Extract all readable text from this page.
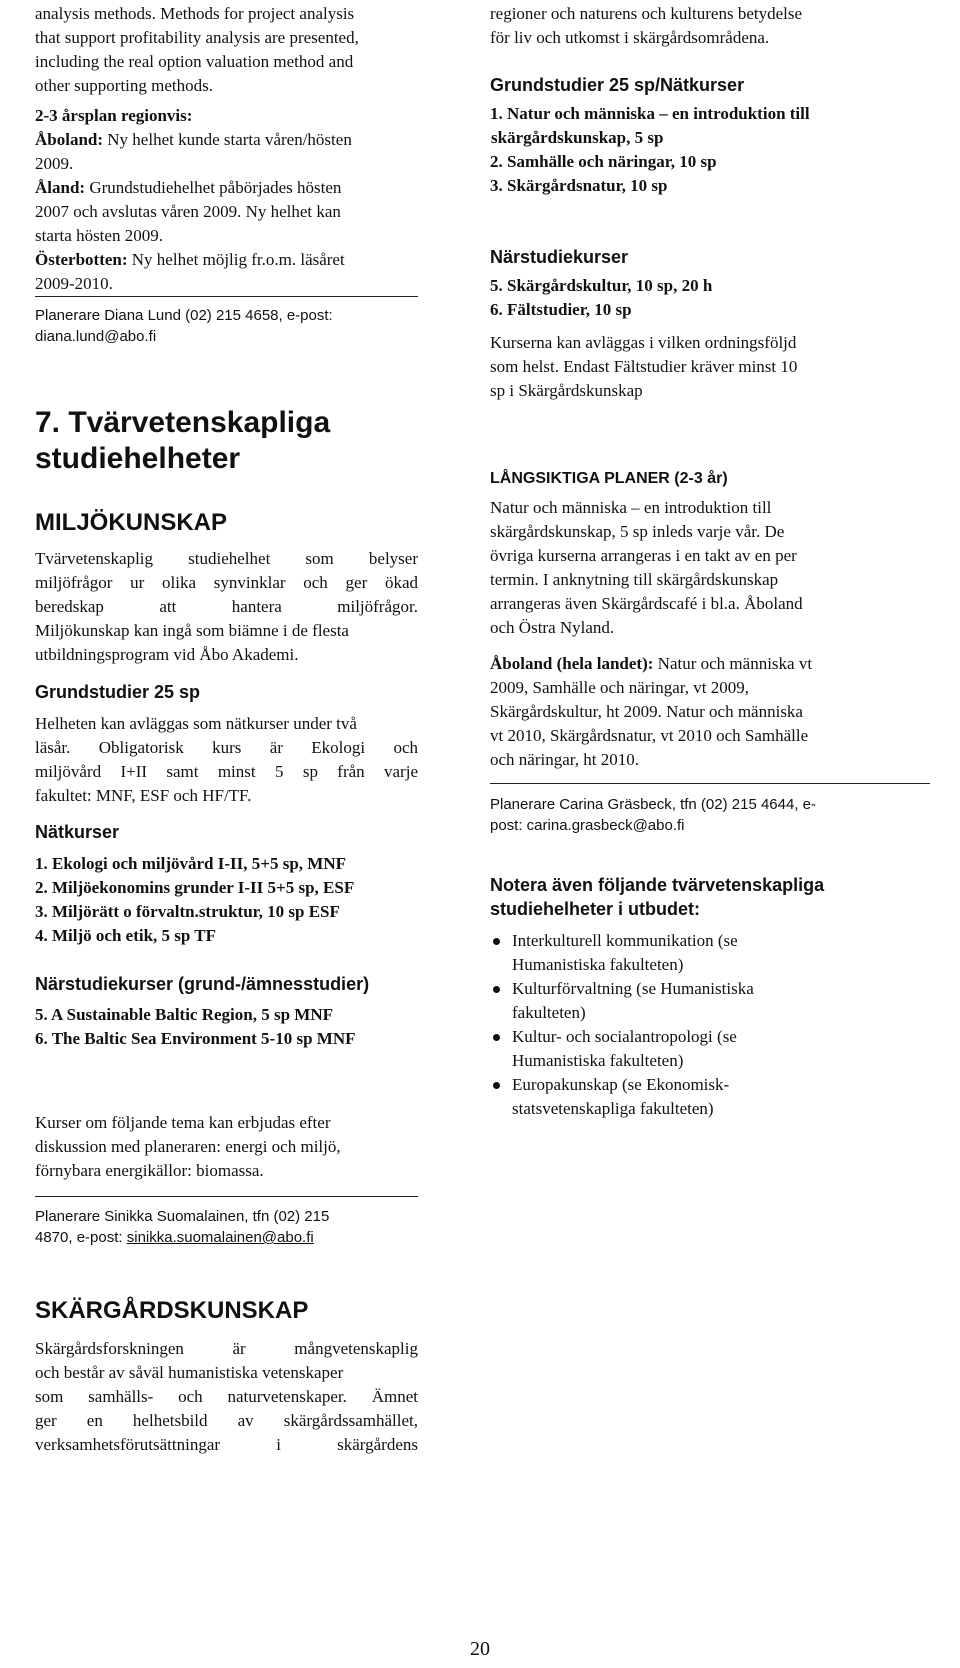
analysis methods. Methods for project analysis

that support profitability analysis are presented,

including the real option valuation method and

other supporting methods.

2-3 årsplan regionvis:

Åboland: Ny helhet kunde starta våren/hösten

2009.

Åland: Grundstudiehelhet påbörjades hösten

2007 och avslutas våren 2009. Ny helhet kan

starta hösten 2009.

Österbotten: Ny helhet möjlig fr.o.m. läsåret

2009-2010.

Planerare Diana Lund (02) 215 4658, e-post:

diana.lund@abo.fi

7. Tvärvetenskapliga

studiehelheter

MILJÖKUNSKAP

Tvärvetenskaplig studiehelhet som belyser

miljöfrågor ur olika synvinklar och ger ökad

beredskap att hantera miljöfrågor.

Miljökunskap kan ingå som biämne i de flesta

utbildningsprogram vid Åbo Akademi.

Grundstudier 25 sp

Helheten kan avläggas som nätkurser under två

läsår. Obligatorisk kurs är Ekologi och

miljövård I+II samt minst 5 sp från varje

fakultet: MNF, ESF och HF/TF.

Nätkurser

1. Ekologi och miljövård I-II, 5+5 sp, MNF

2. Miljöekonomins grunder I-II 5+5 sp, ESF

3. Miljörätt o förvaltn.struktur, 10 sp ESF

4. Miljö och etik, 5 sp TF

Närstudiekurser (grund-/ämnesstudier)

5. A Sustainable Baltic Region, 5 sp MNF

6. The Baltic Sea Environment 5-10 sp MNF

Kurser om följande tema kan erbjudas efter

diskussion med planeraren: energi och miljö,

förnybara energikällor: biomassa.

Planerare Sinikka Suomalainen, tfn (02) 215

4870, e-post: sinikka.suomalainen@abo.fi

SKÄRGÅRDSKUNSKAP

Skärgårdsforskningen är mångvetenskaplig

och består av såväl humanistiska vetenskaper

som samhälls- och naturvetenskaper. Ämnet

ger en helhetsbild av skärgårdssamhället,

verksamhetsförutsättningar i skärgårdens

regioner och naturens och kulturens betydelse

för liv och utkomst i skärgårdsområdena.

Grundstudier 25 sp/Nätkurser

1. Natur och människa – en introduktion till

skärgårdskunskap, 5 sp

2. Samhälle och näringar, 10 sp

3. Skärgårdsnatur, 10 sp

Närstudiekurser

5. Skärgårdskultur, 10 sp, 20 h

6. Fältstudier, 10 sp

Kurserna kan avläggas i vilken ordningsföljd

som helst. Endast Fältstudier kräver minst 10

sp i Skärgårdskunskap

LÅNGSIKTIGA PLANER (2-3 år)

Natur och människa – en introduktion till

skärgårdskunskap, 5 sp inleds varje vår. De

övriga kurserna arrangeras i en takt av en per

termin. I anknytning till skärgårdskunskap

arrangeras även Skärgårdscafé i bl.a. Åboland

och Östra Nyland.

Åboland (hela landet): Natur och människa vt

2009, Samhälle och näringar, vt 2009,

Skärgårdskultur, ht 2009. Natur och människa

vt 2010, Skärgårdsnatur, vt 2010 och Samhälle

och näringar, ht 2010.

Planerare Carina Gräsbeck, tfn (02) 215 4644, e-

post: carina.grasbeck@abo.fi

Notera även följande tvärvetenskapliga

studiehelheter i utbudet:

Interkulturell kommunikation (se
Humanistiska fakulteten)
Kulturförvaltning (se Humanistiska
fakulteten)
Kultur- och socialantropologi (se
Humanistiska fakulteten)
Europakunskap (se Ekonomisk-
statsvetenskapliga fakulteten)

20
